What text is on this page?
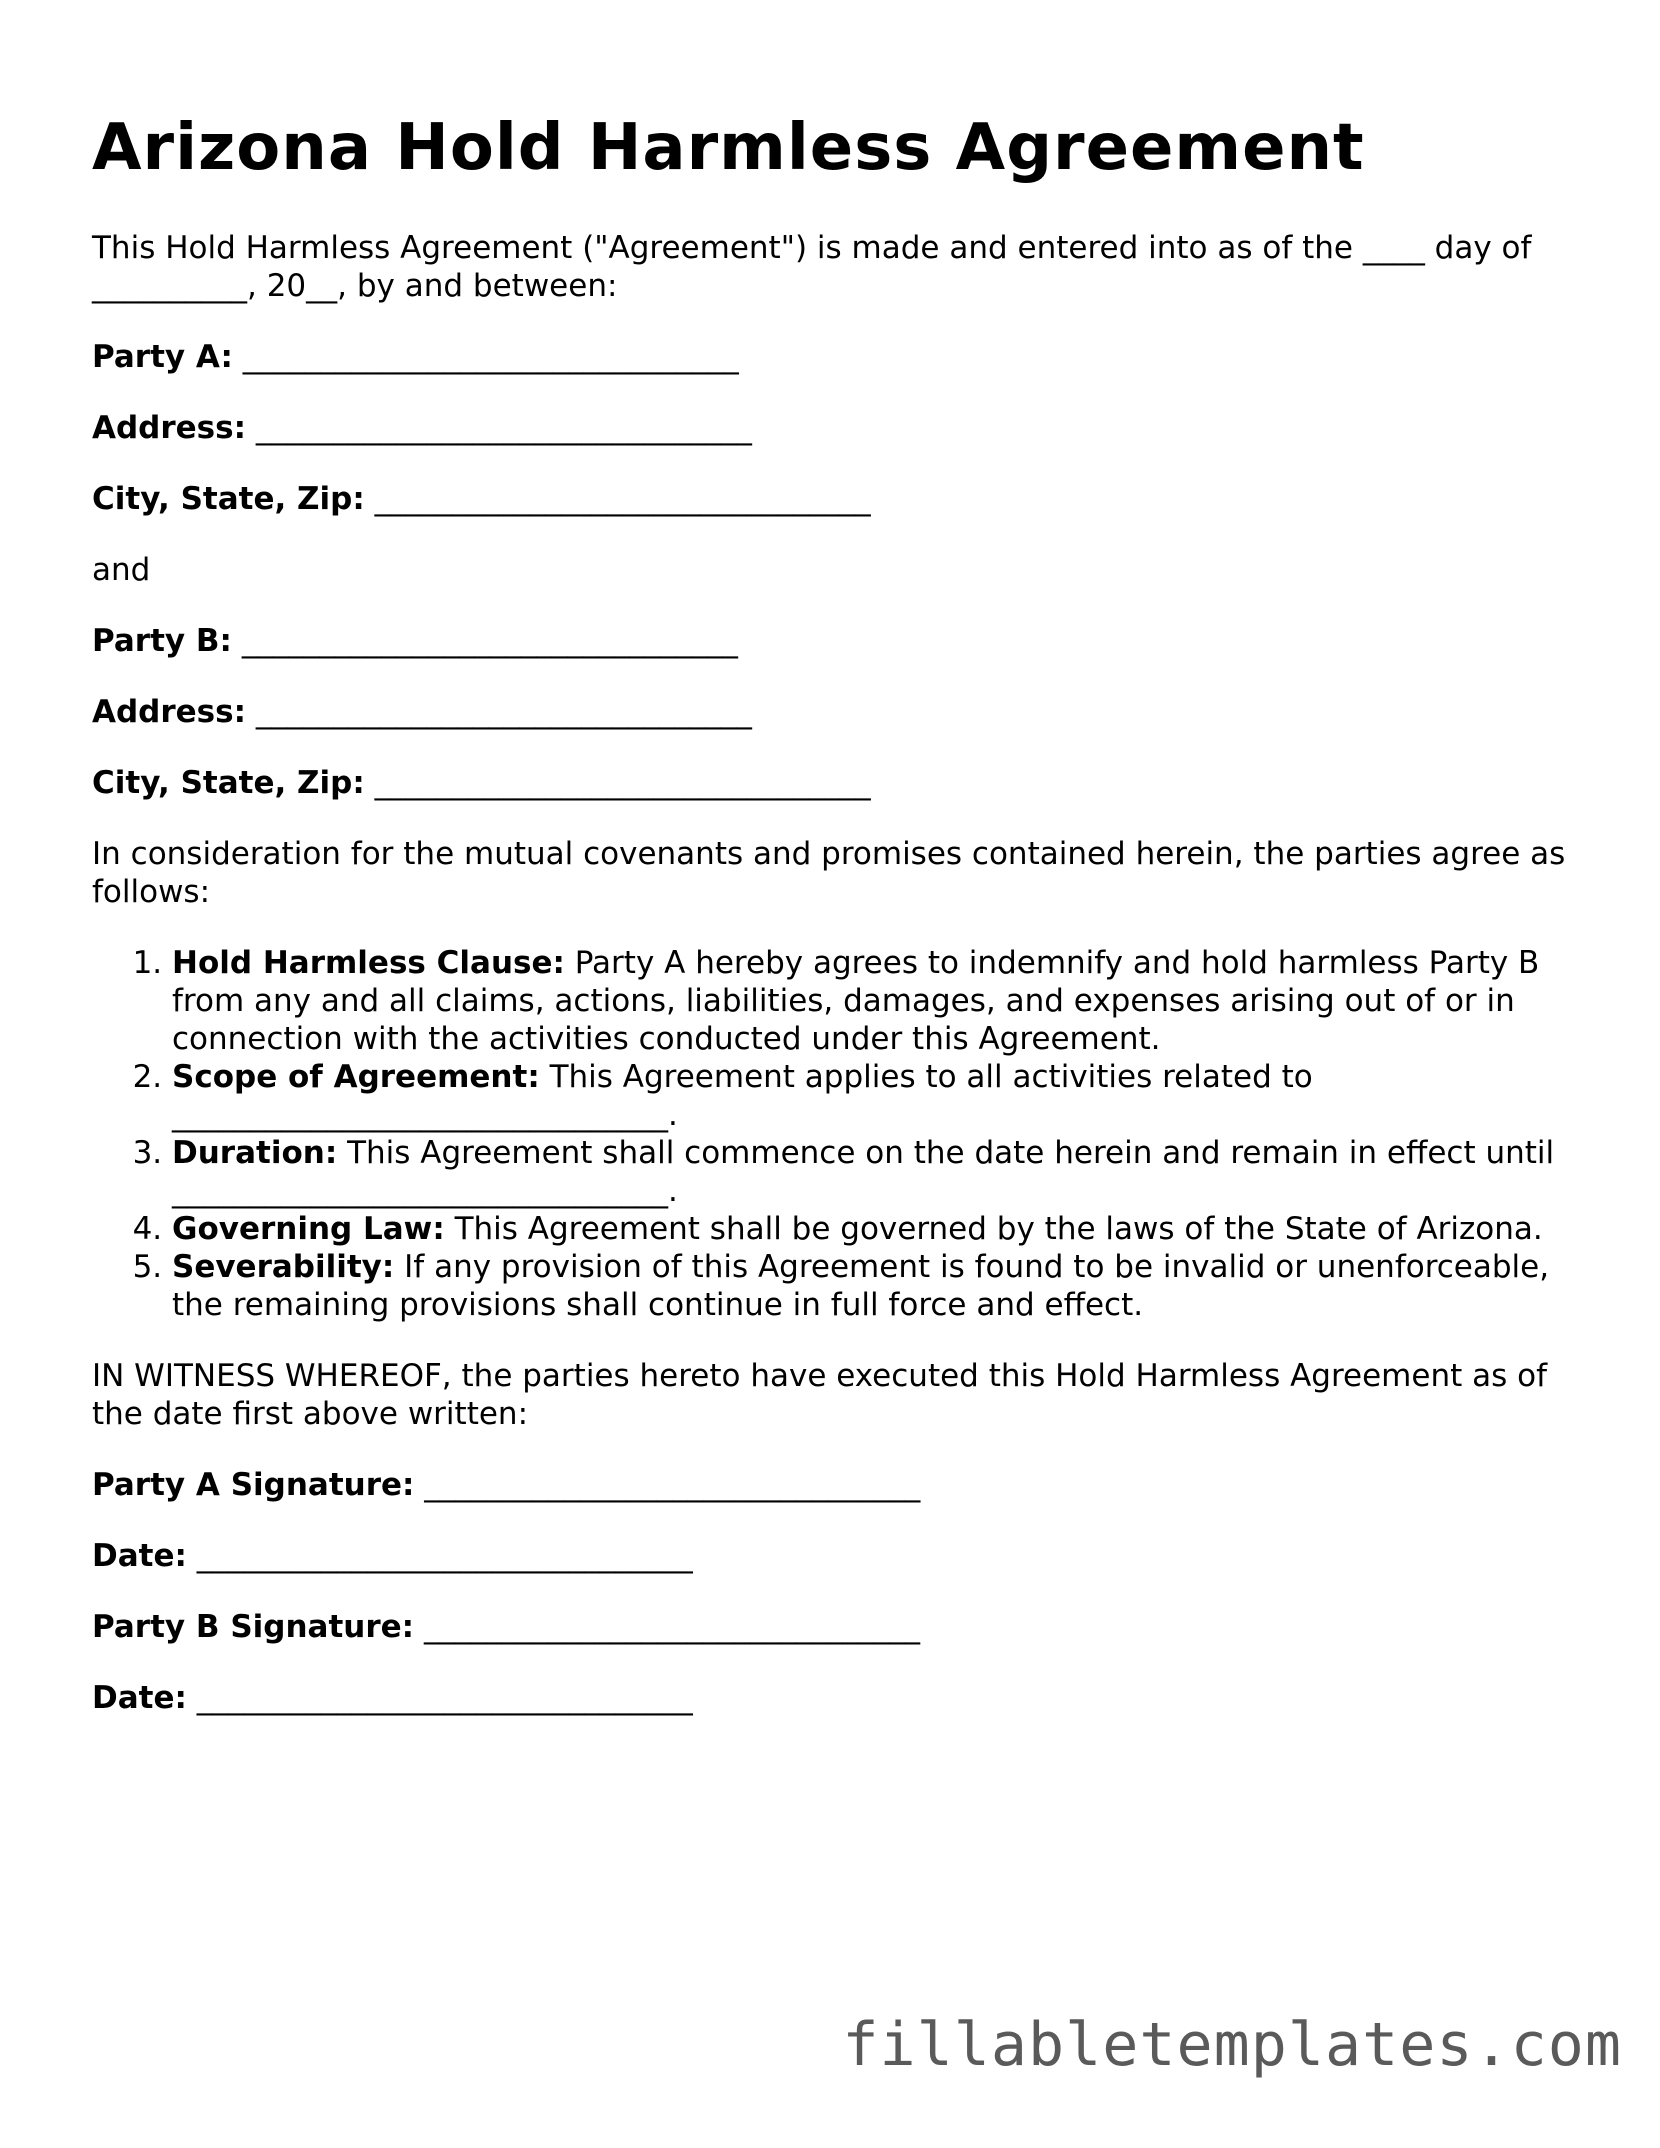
Arizona Hold Harmless Agreement

This Hold Harmless Agreement ("Agreement") is made and entered into as of the ____ day of __________, 20__, by and between:

Party A: ________________________________
Address: ________________________________
City, State, Zip: ________________________________

and

Party B: ________________________________
Address: ________________________________
City, State, Zip: ________________________________

In consideration for the mutual covenants and promises contained herein, the parties agree as follows:

1. Hold Harmless Clause: Party A hereby agrees to indemnify and hold harmless Party B from any and all claims, actions, liabilities, damages, and expenses arising out of or in connection with the activities conducted under this Agreement.
2. Scope of Agreement: This Agreement applies to all activities related to ________________________________.
3. Duration: This Agreement shall commence on the date herein and remain in effect until ________________________________.
4. Governing Law: This Agreement shall be governed by the laws of the State of Arizona.
5. Severability: If any provision of this Agreement is found to be invalid or unenforceable, the remaining provisions shall continue in full force and effect.

IN WITNESS WHEREOF, the parties hereto have executed this Hold Harmless Agreement as of the date first above written:

Party A Signature: ________________________________
Date: ________________________________
Party B Signature: ________________________________
Date: ________________________________
fillabletemplates.com
